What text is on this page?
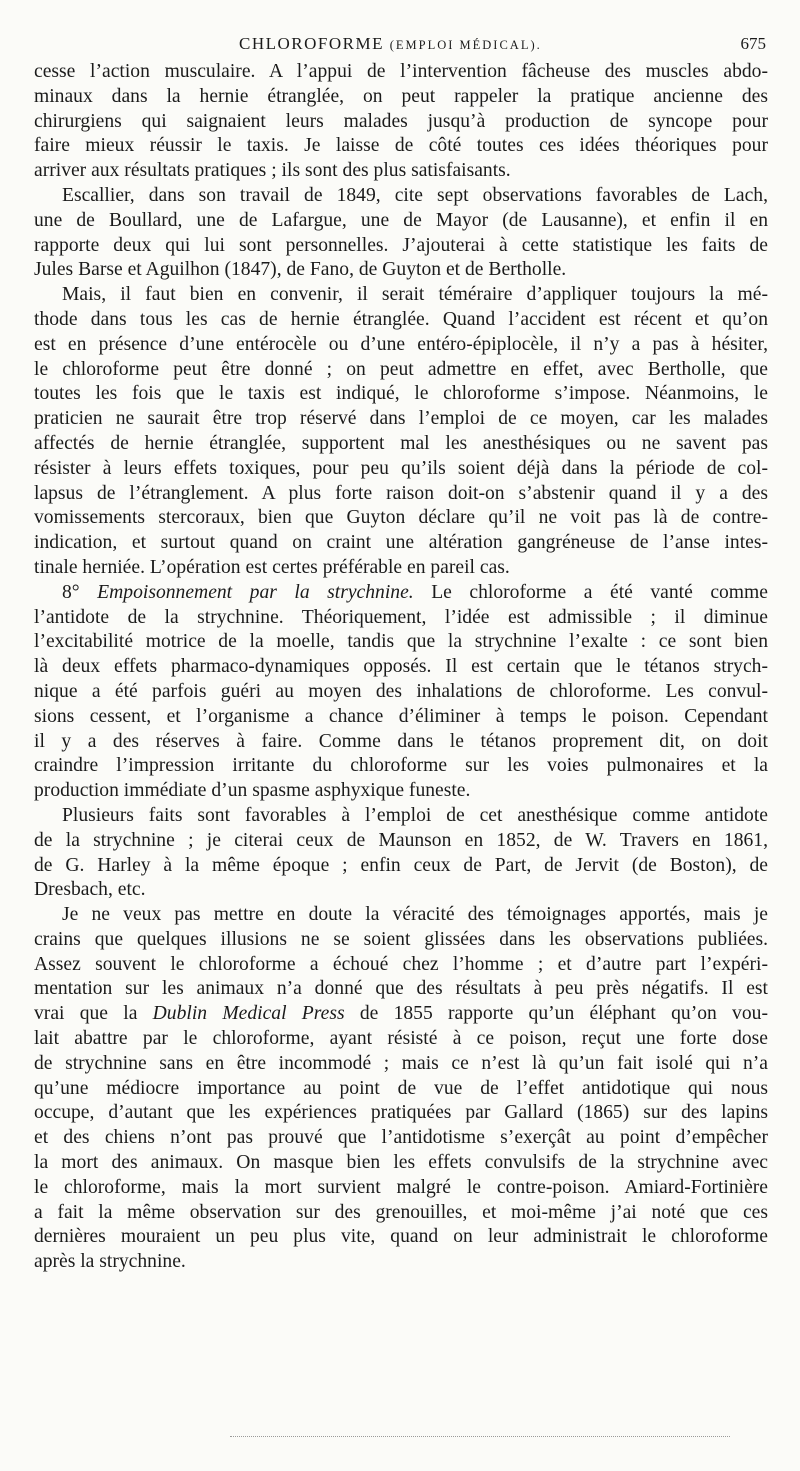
CHLOROFORME (EMPLOI MÉDICAL).	675
cesse l’action musculaire. A l’appui de l’intervention fâcheuse des muscles abdo-
minaux dans la hernie étranglée, on peut rappeler la pratique ancienne des
chirurgiens qui saignaient leurs malades jusqu’à production de syncope pour
faire mieux réussir le taxis. Je laisse de côté toutes ces idées théoriques pour
arriver aux résultats pratiques ; ils sont des plus satisfaisants.
Escallier, dans son travail de 1849, cite sept observations favorables de Lach,
une de Boullard, une de Lafargue, une de Mayor (de Lausanne), et enfin il en
rapporte deux qui lui sont personnelles. J’ajouterai à cette statistique les faits de
Jules Barse et Aguilhon (1847), de Fano, de Guyton et de Bertholle.
Mais, il faut bien en convenir, il serait téméraire d’appliquer toujours la mé-
thode dans tous les cas de hernie étranglée. Quand l’accident est récent et qu’on
est en présence d’une entérocèle ou d’une entéro-épiplocèle, il n’y a pas à hésiter,
le chloroforme peut être donné ; on peut admettre en effet, avec Bertholle, que
toutes les fois que le taxis est indiqué, le chloroforme s’impose. Néanmoins, le
praticien ne saurait être trop réservé dans l’emploi de ce moyen, car les malades
affectés de hernie étranglée, supportent mal les anesthésiques ou ne savent pas
résister à leurs effets toxiques, pour peu qu’ils soient déjà dans la période de col-
lapsus de l’étranglement. A plus forte raison doit-on s’abstenir quand il y a des
vomissements stercoraux, bien que Guyton déclare qu’il ne voit pas là de contre-
indication, et surtout quand on craint une altération gangréneuse de l’anse intes-
tinale herniée. L’opération est certes préférable en pareil cas.
8° Empoisonnement par la strychnine. Le chloroforme a été vanté comme
l’antidote de la strychnine. Théoriquement, l’idée est admissible ; il diminue
l’excitabilité motrice de la moelle, tandis que la strychnine l’exalte : ce sont bien
là deux effets pharmaco-dynamiques opposés. Il est certain que le tétanos strych-
nique a été parfois guéri au moyen des inhalations de chloroforme. Les convul-
sions cessent, et l’organisme a chance d’éliminer à temps le poison. Cependant
il y a des réserves à faire. Comme dans le tétanos proprement dit, on doit
craindre l’impression irritante du chloroforme sur les voies pulmonaires et la
production immédiate d’un spasme asphyxique funeste.
Plusieurs faits sont favorables à l’emploi de cet anesthésique comme antidote
de la strychnine ; je citerai ceux de Maunson en 1852, de W. Travers en 1861,
de G. Harley à la même époque ; enfin ceux de Part, de Jervit (de Boston), de
Dresbach, etc.
Je ne veux pas mettre en doute la véracité des témoignages apportés, mais je
crains que quelques illusions ne se soient glissées dans les observations publiées.
Assez souvent le chloroforme a échoué chez l’homme ; et d’autre part l’expéri-
mentation sur les animaux n’a donné que des résultats à peu près négatifs. Il est
vrai que la Dublin Medical Press de 1855 rapporte qu’un éléphant qu’on vou-
lait abattre par le chloroforme, ayant résisté à ce poison, reçut une forte dose
de strychnine sans en être incommodé ; mais ce n’est là qu’un fait isolé qui n’a
qu’une médiocre importance au point de vue de l’effet antidotique qui nous
occupe, d’autant que les expériences pratiquées par Gallard (1865) sur des lapins
et des chiens n’ont pas prouvé que l’antidotisme s’exerçât au point d’empêcher
la mort des animaux. On masque bien les effets convulsifs de la strychnine avec
le chloroforme, mais la mort survient malgré le contre-poison. Amiard-Fortinière
a fait la même observation sur des grenouilles, et moi-même j’ai noté que ces
dernières mouraient un peu plus vite, quand on leur administrait le chloroforme
après la strychnine.
